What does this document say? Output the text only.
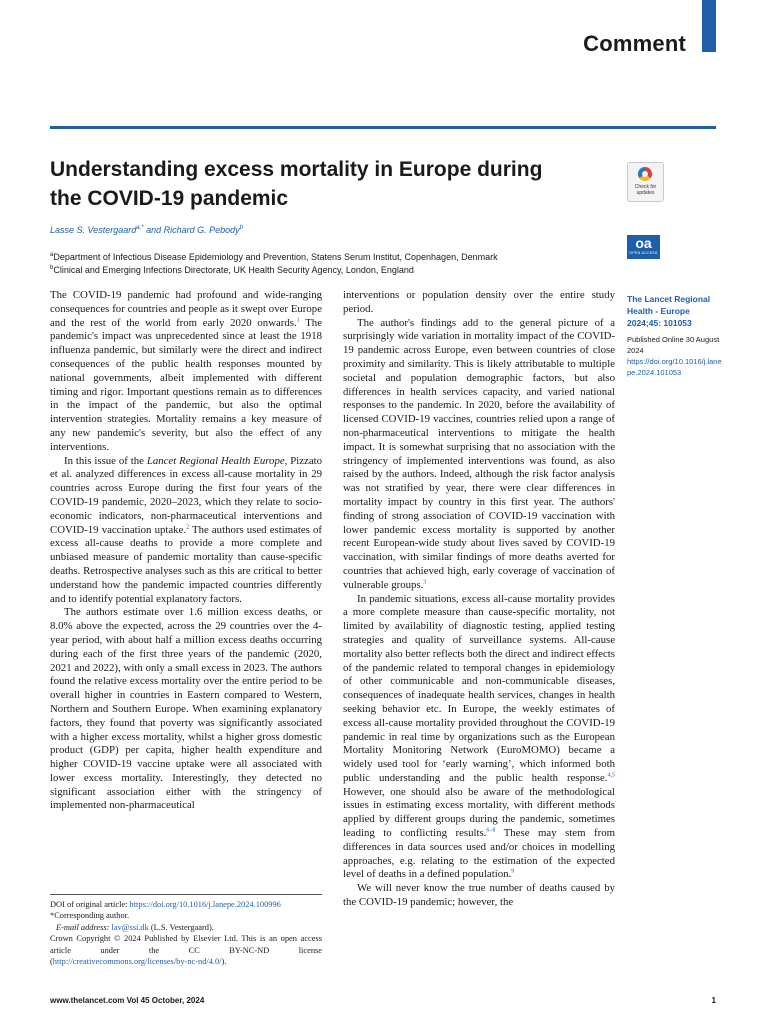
Comment
Understanding excess mortality in Europe during the COVID-19 pandemic
Lasse S. Vestergaard$^{a,*}$ and Richard G. Pebody$^b$
$^a$Department of Infectious Disease Epidemiology and Prevention, Statens Serum Institut, Copenhagen, Denmark
$^b$Clinical and Emerging Infections Directorate, UK Health Security Agency, London, England
Check for updates
oa
OPEN ACCESS
The Lancet Regional Health - Europe 2024;45: 101053
Published Online 30 August 2024
https://doi.org/10.1016/j.lanepe.2024.101053

The COVID-19 pandemic had profound and wide-ranging consequences for countries and people as it swept over Europe and the rest of the world from early 2020 onwards.$^1$ The pandemic's impact was unprecedented since at least the 1918 influenza pandemic, but similarly were the direct and indirect consequences of the public health responses mounted by national governments, albeit implemented with different timing and rigor. Important questions remain as to differences in the impact of the pandemic, but also the optimal intervention strategies. Mortality remains a key measure of any new pandemic's severity, but also the effect of any interventions.

In this issue of the Lancet Regional Health Europe, Pizzato et al. analyzed differences in excess all-cause mortality in 29 countries across Europe during the first four years of the COVID-19 pandemic, 2020–2023, which they relate to socio-economic indicators, non-pharmaceutical interventions and COVID-19 vaccination uptake.$^2$ The authors used estimates of excess all-cause deaths to provide a more complete and unbiased measure of pandemic mortality than cause-specific deaths. Retrospective analyses such as this are critical to better understand how the pandemic impacted countries differently and to identify potential explanatory factors.

The authors estimate over 1.6 million excess deaths, or 8.0% above the expected, across the 29 countries over the 4-year period, with about half a million excess deaths occurring during each of the first three years of the pandemic (2020, 2021 and 2022), with only a small excess in 2023. The authors found the relative excess mortality over the entire period to be overall higher in countries in Eastern compared to Western, Northern and Southern Europe. When examining explanatory factors, they found that poverty was significantly associated with a higher excess mortality, whilst a higher gross domestic product (GDP) per capita, higher health expenditure and higher COVID-19 vaccine uptake were all associated with lower excess mortality. Interestingly, they detected no significant association either with the stringency of implemented non-pharmaceutical

interventions or population density over the entire study period.

The author's findings add to the general picture of a surprisingly wide variation in mortality impact of the COVID-19 pandemic across Europe, even between countries of close proximity and similarity. This is likely attributable to multiple societal and population demographic factors, but also differences in health services capacity, and varied national responses to the pandemic. In 2020, before the availability of licensed COVID-19 vaccines, countries relied upon a range of non-pharmaceutical interventions to mitigate the health impact. It is somewhat surprising that no association with the stringency of implemented interventions was found, as also raised by the authors. Indeed, although the risk factor analysis was not stratified by year, there were clear differences in mortality impact by country in this first year. The authors' finding of strong association of COVID-19 vaccination with lower pandemic excess mortality is supported by another recent European-wide study about lives saved by COVID-19 vaccination, with similar findings of more deaths averted for countries that achieved high, early coverage of vaccination of vulnerable groups.$^3$

In pandemic situations, excess all-cause mortality provides a more complete measure than cause-specific mortality, not limited by availability of diagnostic testing, applied testing strategies and quality of surveillance systems. All-cause mortality also better reflects both the direct and indirect effects of the pandemic related to temporal changes in epidemiology of other communicable and non-communicable diseases, consequences of inadequate health services, changes in health seeking behavior etc. In Europe, the weekly estimates of excess all-cause mortality provided throughout the COVID-19 pandemic in real time by organizations such as the European Mortality Monitoring Network (EuroMOMO) became a widely used tool for ‘early warning’, which informed both public understanding and the public health response.$^{4,5}$ However, one should also be aware of the methodological issues in estimating excess mortality, with different methods applied by different groups during the pandemic, sometimes leading to conflicting results.$^{6-8}$ These may stem from differences in data sources used and/or choices in modelling approaches, e.g. relating to the estimation of the expected level of deaths in a defined population.$^9$

We will never know the true number of deaths caused by the COVID-19 pandemic; however, the

DOI of original article: https://doi.org/10.1016/j.lanepe.2024.100996
*Corresponding author.
E-mail address: lav@ssi.dk (L.S. Vestergaard).
Crown Copyright © 2024 Published by Elsevier Ltd. This is an open access article under the CC BY-NC-ND license (http://creativecommons.org/licenses/by-nc-nd/4.0/).
www.thelancet.com Vol 45 October, 2024	1
